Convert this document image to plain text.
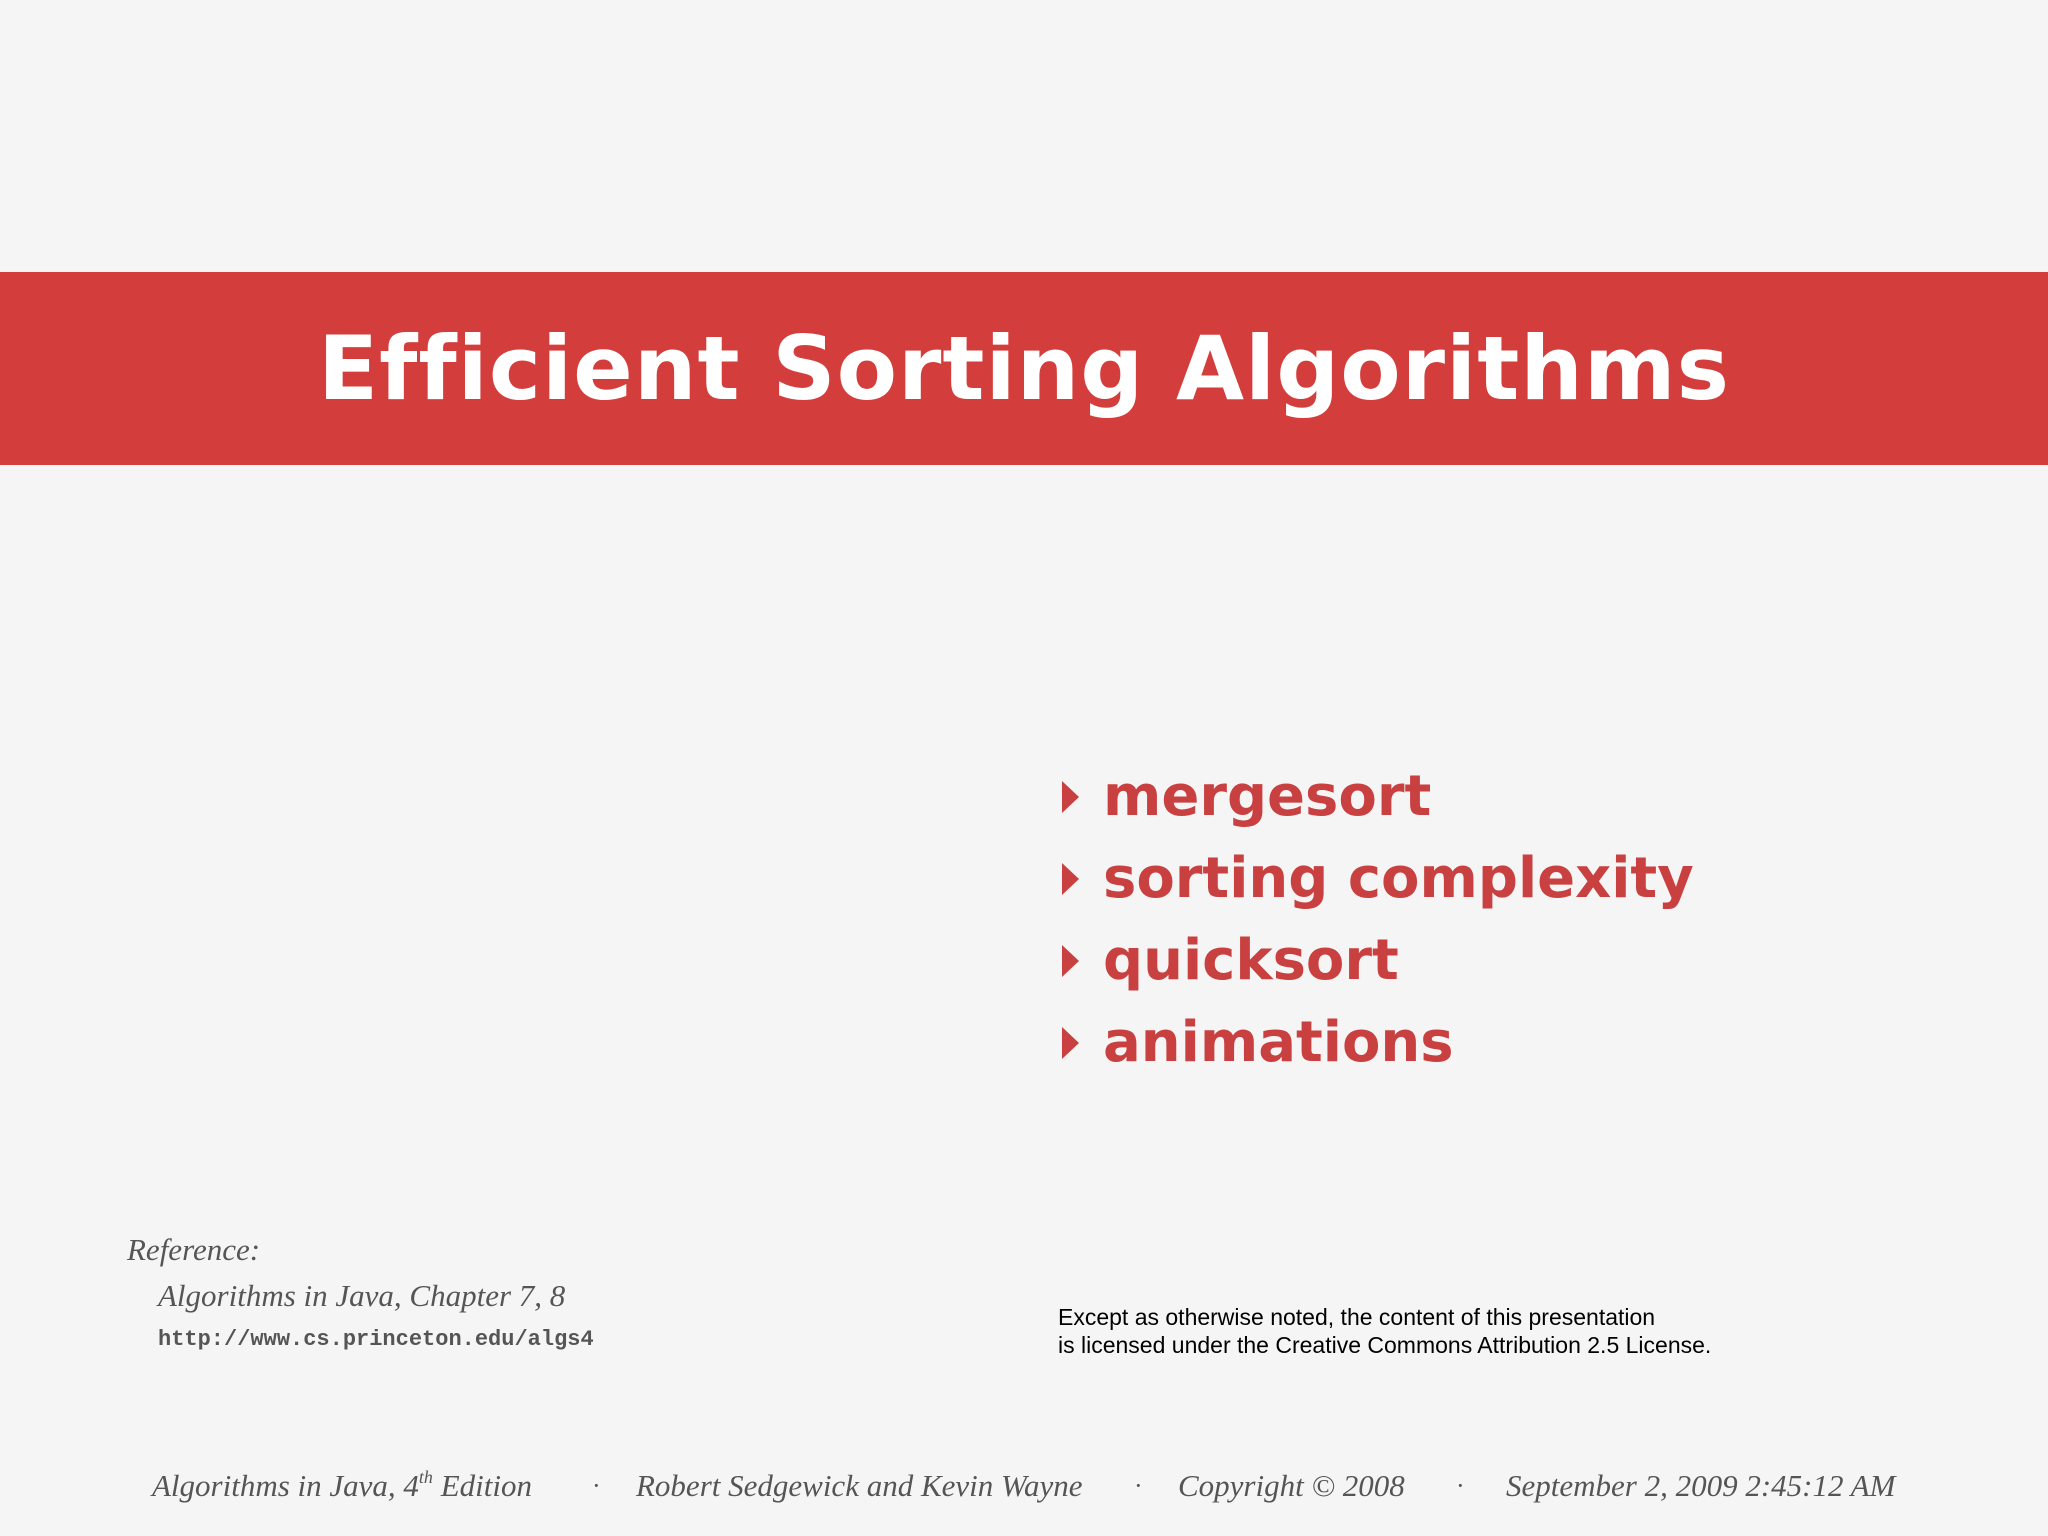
Efficient Sorting Algorithms
mergesort
sorting complexity
quicksort
animations

Reference:

Algorithms in Java, Chapter 7, 8

http://www.cs.princeton.edu/algs4
Except as otherwise noted, the content of this presentation
is licensed under the Creative Commons Attribution 2.5 License.
Algorithms in Java, 4th Edition · Robert Sedgewick and Kevin Wayne · Copyright © 2008 · September 2, 2009 2:45:12 AM
